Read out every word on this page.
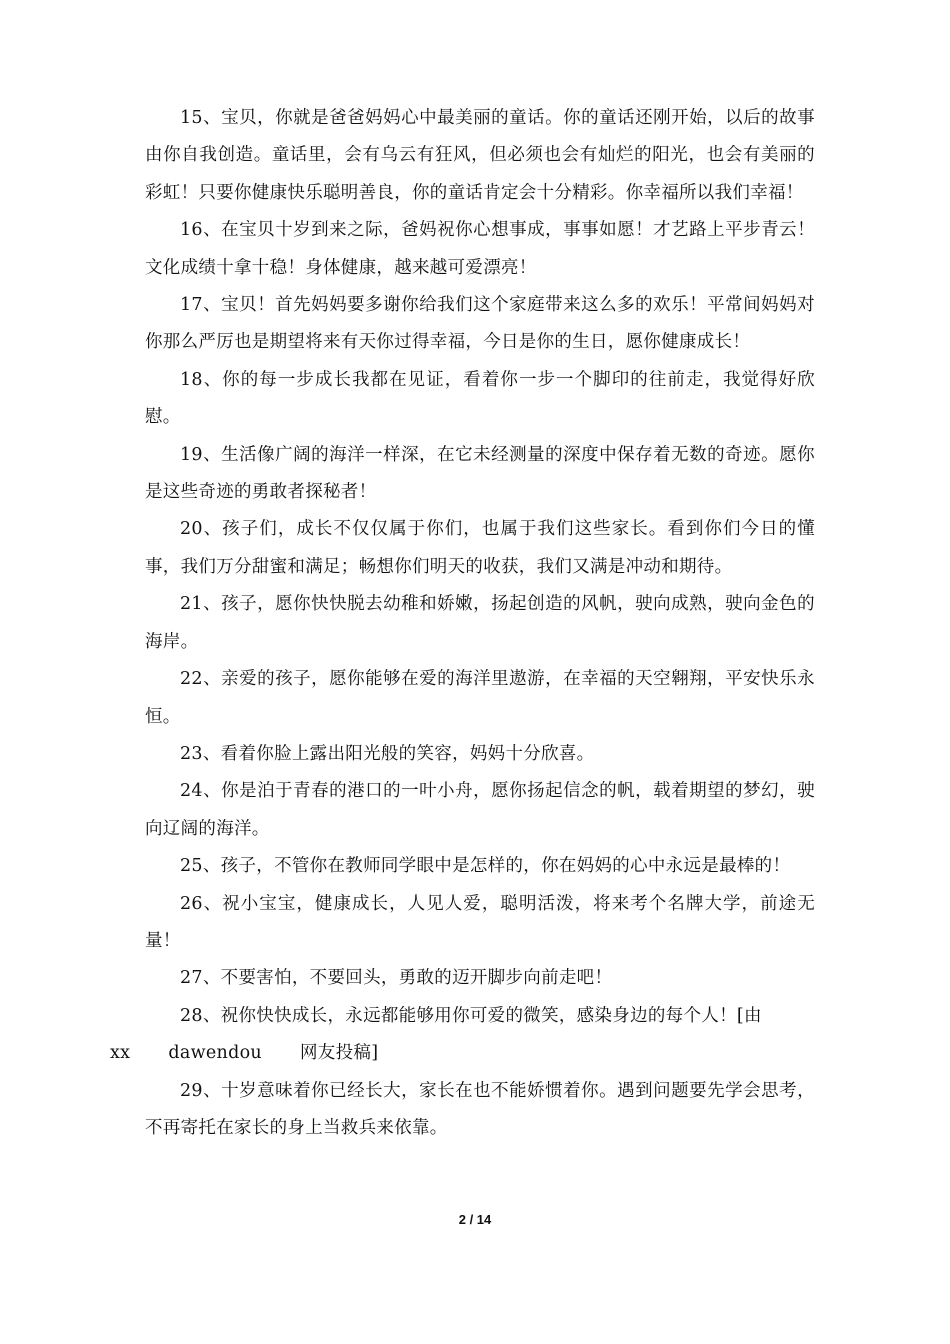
15、宝贝，你就是爸爸妈妈心中最美丽的童话。你的童话还刚开始，以后的故事由你自我创造。童话里，会有乌云有狂风，但必须也会有灿烂的阳光，也会有美丽的彩虹！只要你健康快乐聪明善良，你的童话肯定会十分精彩。你幸福所以我们幸福！

16、在宝贝十岁到来之际，爸妈祝你心想事成，事事如愿！才艺路上平步青云！文化成绩十拿十稳！身体健康，越来越可爱漂亮！

17、宝贝！首先妈妈要多谢你给我们这个家庭带来这么多的欢乐！平常间妈妈对你那么严厉也是期望将来有天你过得幸福，今日是你的生日，愿你健康成长！

18、你的每一步成长我都在见证，看着你一步一个脚印的往前走，我觉得好欣慰。

19、生活像广阔的海洋一样深，在它未经测量的深度中保存着无数的奇迹。愿你是这些奇迹的勇敢者探秘者！

20、孩子们，成长不仅仅属于你们，也属于我们这些家长。看到你们今日的懂事，我们万分甜蜜和满足；畅想你们明天的收获，我们又满是冲动和期待。

21、孩子，愿你快快脱去幼稚和娇嫩，扬起创造的风帆，驶向成熟，驶向金色的海岸。

22、亲爱的孩子，愿你能够在爱的海洋里遨游，在幸福的天空翱翔，平安快乐永恒。

23、看着你脸上露出阳光般的笑容，妈妈十分欣喜。

24、你是泊于青春的港口的一叶小舟，愿你扬起信念的帆，载着期望的梦幻，驶向辽阔的海洋。

25、孩子，不管你在教师同学眼中是怎样的，你在妈妈的心中永远是最棒的！

26、祝小宝宝，健康成长，人见人爱，聪明活泼，将来考个名牌大学，前途无量！

27、不要害怕，不要回头，勇敢的迈开脚步向前走吧！

28、祝你快快成长，永远都能够用你可爱的微笑，感染身边的每个人！[由
xx dawendou 网友投稿]

29、十岁意味着你已经长大，家长在也不能娇惯着你。遇到问题要先学会思考，不再寄托在家长的身上当救兵来依靠。

2 / 14
